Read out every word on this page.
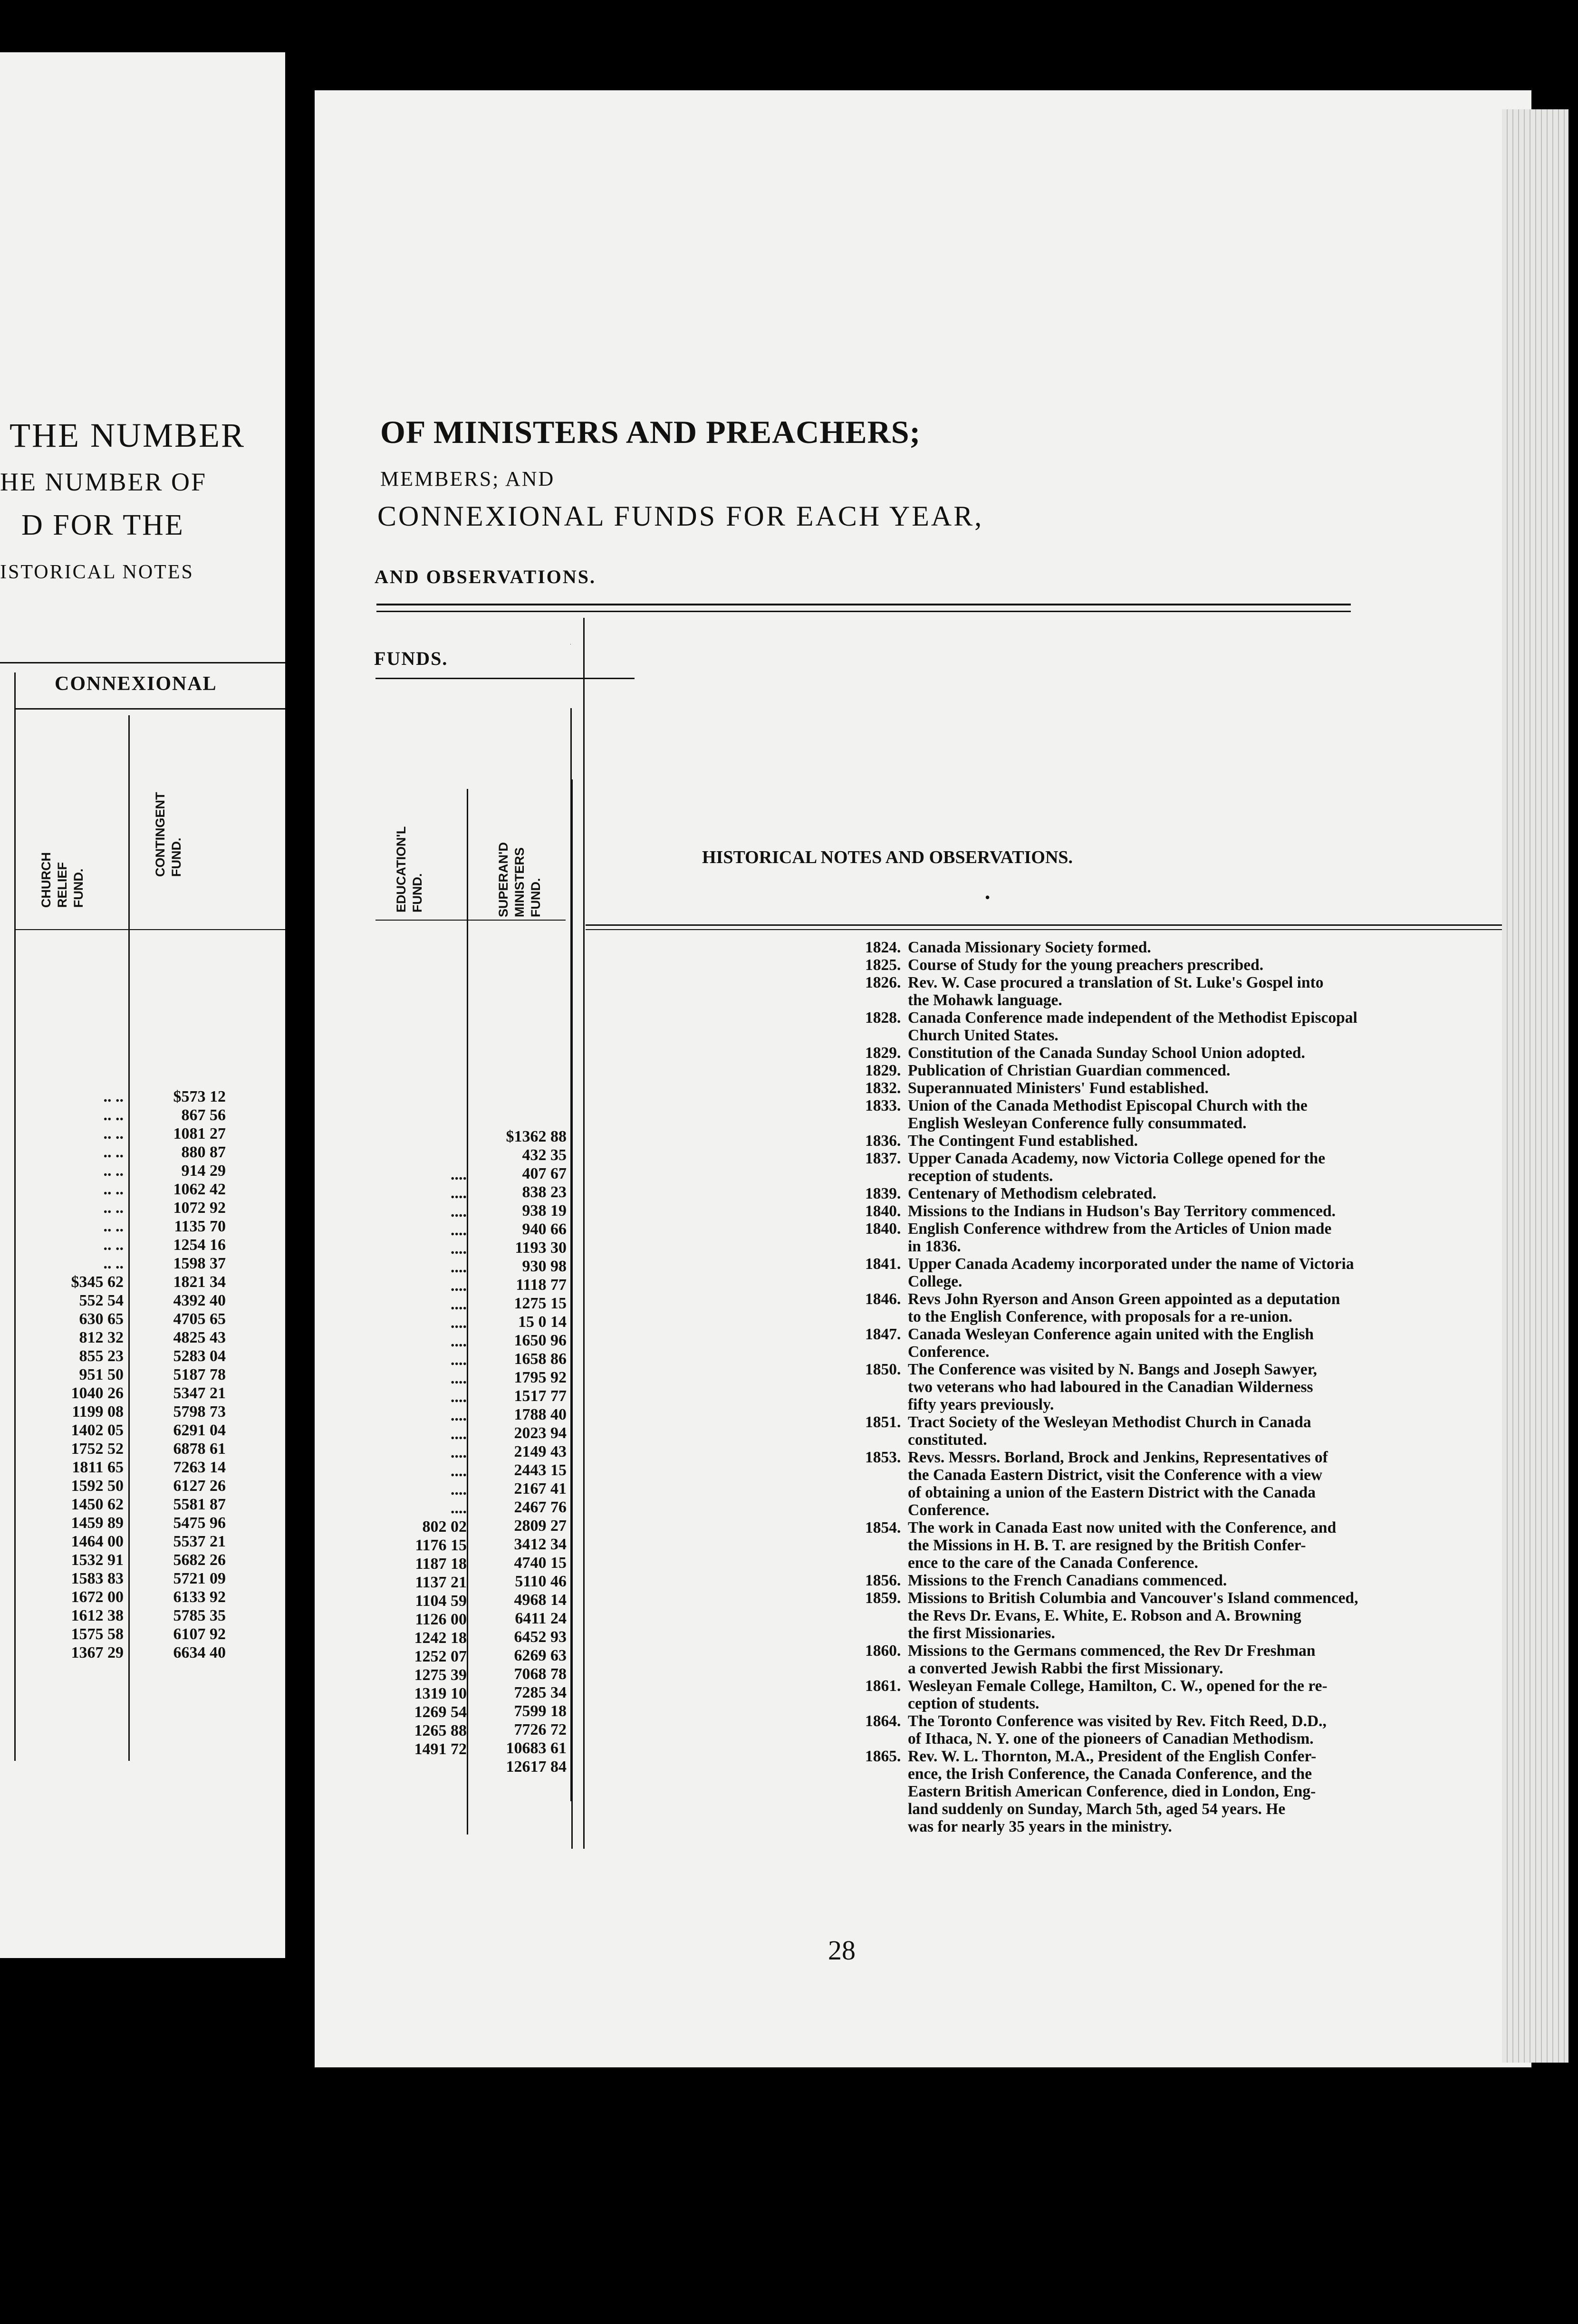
THE NUMBER
HE NUMBER OF
D FOR THE
ISTORICAL NOTES
CONNEXIONAL
CHURCH
RELIEF
FUND.
CONTINGENT
FUND.
.. ..
.. ..
.. ..
.. ..
.. ..
.. ..
.. ..
.. ..
.. ..
.. ..
$345 62
552 54
630 65
812 32
855 23
951 50
1040 26
1199 08
1402 05
1752 52
1811 65
1592 50
1450 62
1459 89
1464 00
1532 91
1583 83
1672 00
1612 38
1575 58
1367 29
$573 12
867 56
1081 27
880 87
914 29
1062 42
1072 92
1135 70
1254 16
1598 37
1821 34
4392 40
4705 65
4825 43
5283 04
5187 78
5347 21
5798 73
6291 04
6878 61
7263 14
6127 26
5581 87
5475 96
5537 21
5682 26
5721 09
6133 92
5785 35
6107 92
6634 40
OF MINISTERS AND PREACHERS;
MEMBERS; AND
CONNEXIONAL FUNDS FOR EACH YEAR,
AND OBSERVATIONS.
FUNDS.
EDUCATION'L
FUND.	SUPERAN'D
MINISTERS
FUND.
HISTORICAL NOTES AND OBSERVATIONS.
•
....
....
....
....
....
....
....
....
....
....
....
....
....
....
....
....
....
....
....
802 02
1176 15
1187 18
1137 21
1104 59
1126 00
1242 18
1252 07
1275 39
1319 10
1269 54
1265 88
1491 72
$1362 88
432 35
407 67
838 23
938 19
940 66
1193 30
930 98
1118 77
1275 15
15 0 14
1650 96
1658 86
1795 92
1517 77
1788 40
2023 94
2149 43
2443 15
2167 41
2467 76
2809 27
3412 34
4740 15
5110 46
4968 14
6411 24
6452 93
6269 63
7068 78
7285 34
7599 18
7726 72
10683 61
12617 84
1824. Canada Missionary Society formed.
1825. Course of Study for the young preachers prescribed.
1826. Rev. W. Case procured a translation of St. Luke's Gospel into
the Mohawk language.
1828. Canada Conference made independent of the Methodist Episcopal
Church United States.
1829. Constitution of the Canada Sunday School Union adopted.
1829. Publication of Christian Guardian commenced.
1832. Superannuated Ministers' Fund established.
1833. Union of the Canada Methodist Episcopal Church with the
English Wesleyan Conference fully consummated.
1836. The Contingent Fund established.
1837. Upper Canada Academy, now Victoria College opened for the
reception of students.
1839. Centenary of Methodism celebrated.
1840. Missions to the Indians in Hudson's Bay Territory commenced.
1840. English Conference withdrew from the Articles of Union made
in 1836.
1841. Upper Canada Academy incorporated under the name of Victoria
College.
1846. Revs John Ryerson and Anson Green appointed as a deputation
to the English Conference, with proposals for a re-union.
1847. Canada Wesleyan Conference again united with the English
Conference.
1850. The Conference was visited by N. Bangs and Joseph Sawyer,
two veterans who had laboured in the Canadian Wilderness
fifty years previously.
1851. Tract Society of the Wesleyan Methodist Church in Canada
constituted.
1853. Revs. Messrs. Borland, Brock and Jenkins, Representatives of
the Canada Eastern District, visit the Conference with a view
of obtaining a union of the Eastern District with the Canada
Conference.
1854. The work in Canada East now united with the Conference, and
the Missions in H. B. T. are resigned by the British Confer-
ence to the care of the Canada Conference.
1856. Missions to the French Canadians commenced.
1859. Missions to British Columbia and Vancouver's Island commenced,
the Revs Dr. Evans, E. White, E. Robson and A. Browning
the first Missionaries.
1860. Missions to the Germans commenced, the Rev Dr Freshman
a converted Jewish Rabbi the first Missionary.
1861. Wesleyan Female College, Hamilton, C. W., opened for the re-
ception of students.
1864. The Toronto Conference was visited by Rev. Fitch Reed, D.D.,
of Ithaca, N. Y. one of the pioneers of Canadian Methodism.
1865. Rev. W. L. Thornton, M.A., President of the English Confer-
ence, the Irish Conference, the Canada Conference, and the
Eastern British American Conference, died in London, Eng-
land suddenly on Sunday, March 5th, aged 54 years. He
was for nearly 35 years in the ministry.
28
